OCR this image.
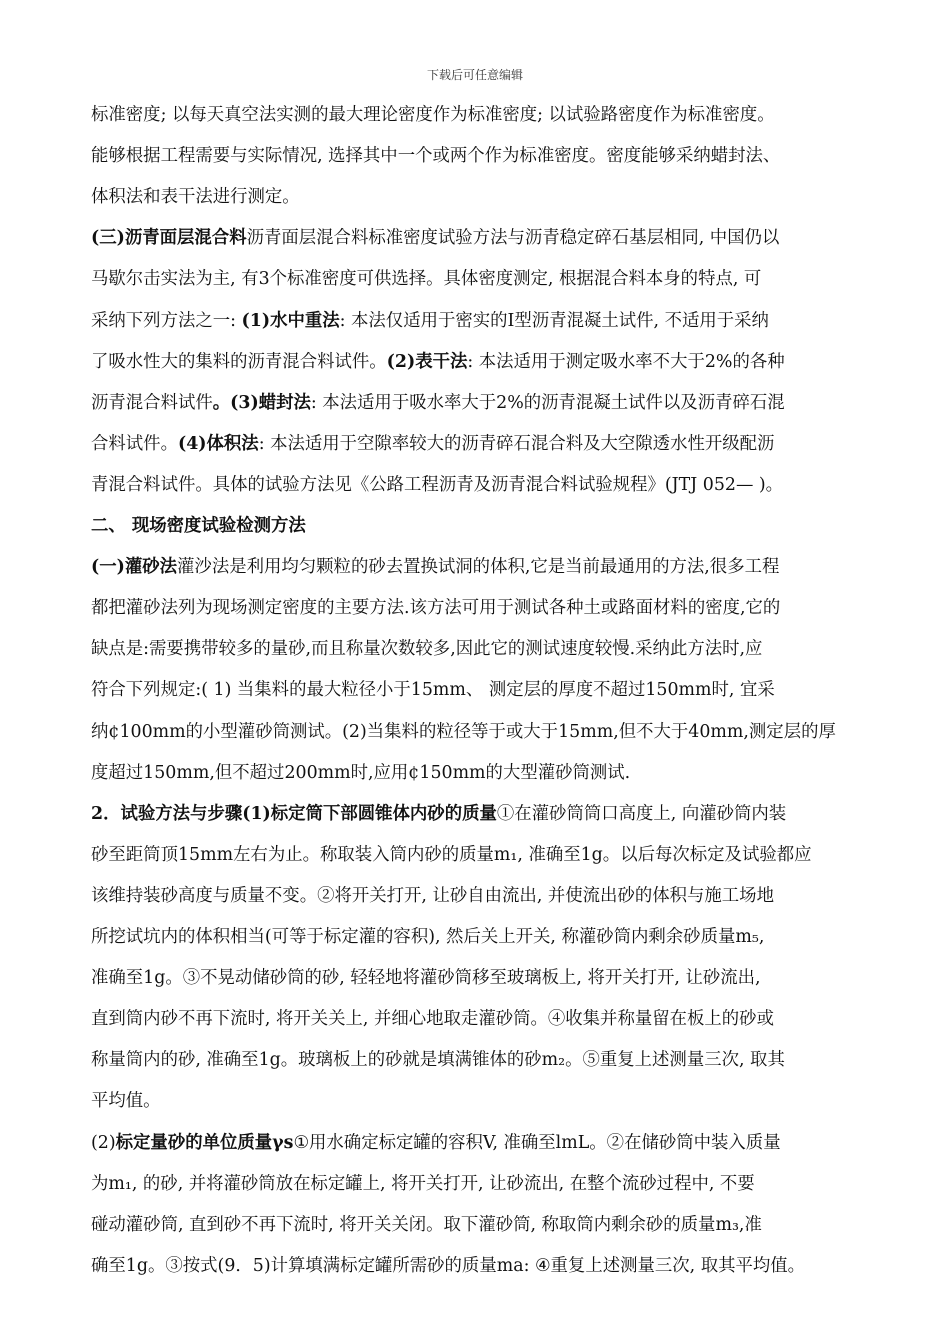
下载后可任意编辑
标准密度; 以每天真空法实测的最大理论密度作为标准密度; 以试验路密度作为标准密度。
能够根据工程需要与实际情况, 选择其中一个或两个作为标准密度。密度能够采纳蜡封法、
体积法和表干法进行测定。
(三)沥青面层混合料沥青面层混合料标准密度试验方法与沥青稳定碎石基层相同, 中国仍以
马歇尔击实法为主, 有3个标准密度可供选择。具体密度测定, 根据混合料本身的特点, 可
采纳下列方法之一: (1)水中重法: 本法仅适用于密实的I型沥青混凝土试件, 不适用于采纳
了吸水性大的集料的沥青混合料试件。(2)表干法: 本法适用于测定吸水率不大于2%的各种
沥青混合料试件。(3)蜡封法: 本法适用于吸水率大于2%的沥青混凝土试件以及沥青碎石混
合料试件。(4)体积法: 本法适用于空隙率较大的沥青碎石混合料及大空隙透水性开级配沥
青混合料试件。具体的试验方法见《公路工程沥青及沥青混合料试验规程》(JTJ 052— )。
二、 现场密度试验检测方法
(一)灌砂法灌沙法是利用均匀颗粒的砂去置换试洞的体积,它是当前最通用的方法,很多工程
都把灌砂法列为现场测定密度的主要方法.该方法可用于测试各种土或路面材料的密度,它的
缺点是:需要携带较多的量砂,而且称量次数较多,因此它的测试速度较慢.采纳此方法时,应
符合下列规定:( 1) 当集料的最大粒径小于15mm、 测定层的厚度不超过150mm时, 宜采
纳¢100mm的小型灌砂筒测试。(2)当集料的粒径等于或大于15mm,但不大于40mm,测定层的厚
度超过150mm,但不超过200mm时,应用¢150mm的大型灌砂筒测试.
2．试验方法与步骤(1)标定筒下部圆锥体内砂的质量①在灌砂筒筒口高度上, 向灌砂筒内装
砂至距筒顶15mm左右为止。称取装入筒内砂的质量m₁, 准确至1g。以后每次标定及试验都应
该维持装砂高度与质量不变。②将开关打开, 让砂自由流出, 并使流出砂的体积与施工场地
所挖试坑内的体积相当(可等于标定灌的容积), 然后关上开关, 称灌砂筒内剩余砂质量m₅,
准确至1g。③不晃动储砂筒的砂, 轻轻地将灌砂筒移至玻璃板上, 将开关打开, 让砂流出,
直到筒内砂不再下流时, 将开关关上, 并细心地取走灌砂筒。④收集并称量留在板上的砂或
称量筒内的砂, 准确至1g。玻璃板上的砂就是填满锥体的砂m₂。⑤重复上述测量三次, 取其
平均值。
(2)标定量砂的单位质量γs①用水确定标定罐的容积V, 准确至lmL。②在储砂筒中装入质量
为m₁, 的砂, 并将灌砂筒放在标定罐上, 将开关打开, 让砂流出, 在整个流砂过程中, 不要
碰动灌砂筒, 直到砂不再下流时, 将开关关闭。取下灌砂筒, 称取筒内剩余砂的质量m₃,准
确至1g。③按式(9．5)计算填满标定罐所需砂的质量ma: ④重复上述测量三次, 取其平均值。
